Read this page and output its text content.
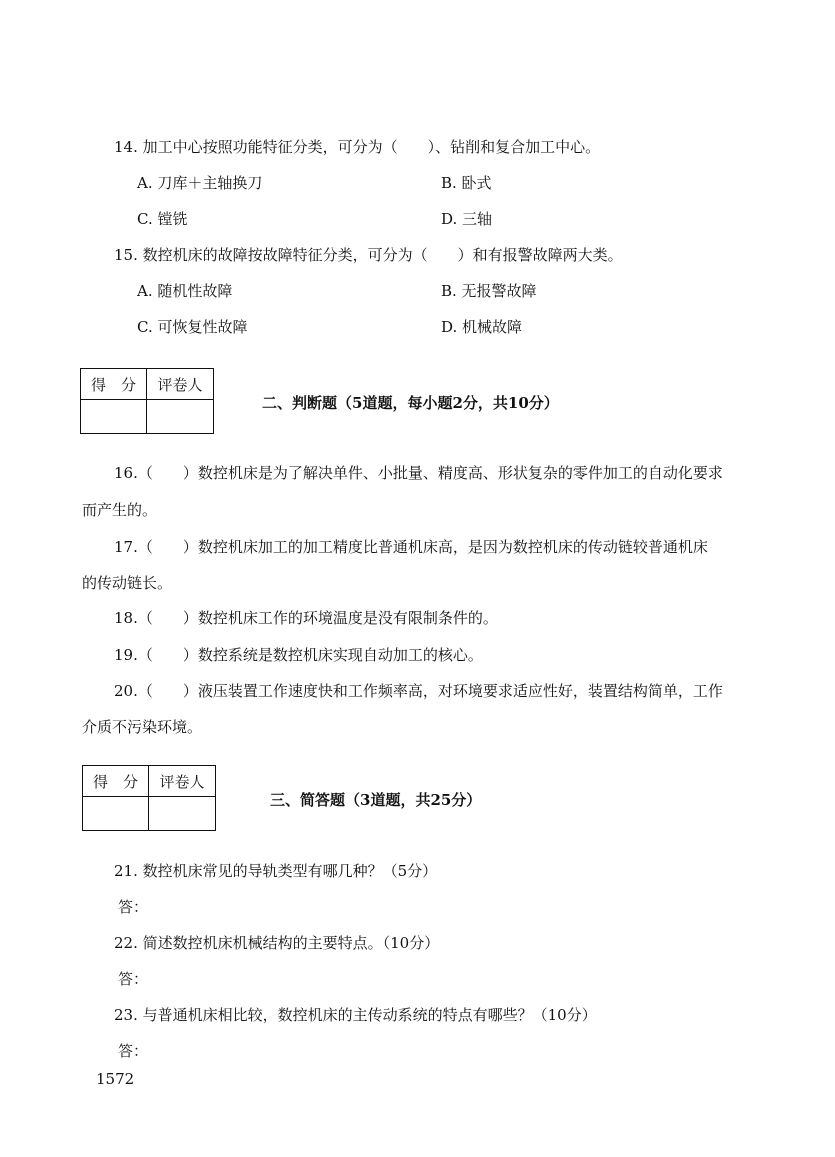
14. 加工中心按照功能特征分类，可分为（　　）、钻削和复合加工中心。
A. 刀库＋主轴换刀	B. 卧式
C. 镗铣	D. 三轴
15. 数控机床的故障按故障特征分类，可分为（　　）和有报警故障两大类。
A. 随机性故障	B. 无报警故障
C. 可恢复性故障	D. 机械故障
得　分	评卷人

二、判断题（5道题，每小题2分，共10分）
16.（　　）数控机床是为了解决单件、小批量、精度高、形状复杂的零件加工的自动化要求
而产生的。
17.（　　）数控机床加工的加工精度比普通机床高，是因为数控机床的传动链较普通机床
的传动链长。
18.（　　）数控机床工作的环境温度是没有限制条件的。
19.（　　）数控系统是数控机床实现自动加工的核心。
20.（　　）液压装置工作速度快和工作频率高，对环境要求适应性好，装置结构简单，工作
介质不污染环境。
得　分	评卷人

三、简答题（3道题，共25分）
21. 数控机床常见的导轨类型有哪几种？（5分）
答：
22. 简述数控机床机械结构的主要特点。（10分）
答：
23. 与普通机床相比较，数控机床的主传动系统的特点有哪些？（10分）
答：
1572
